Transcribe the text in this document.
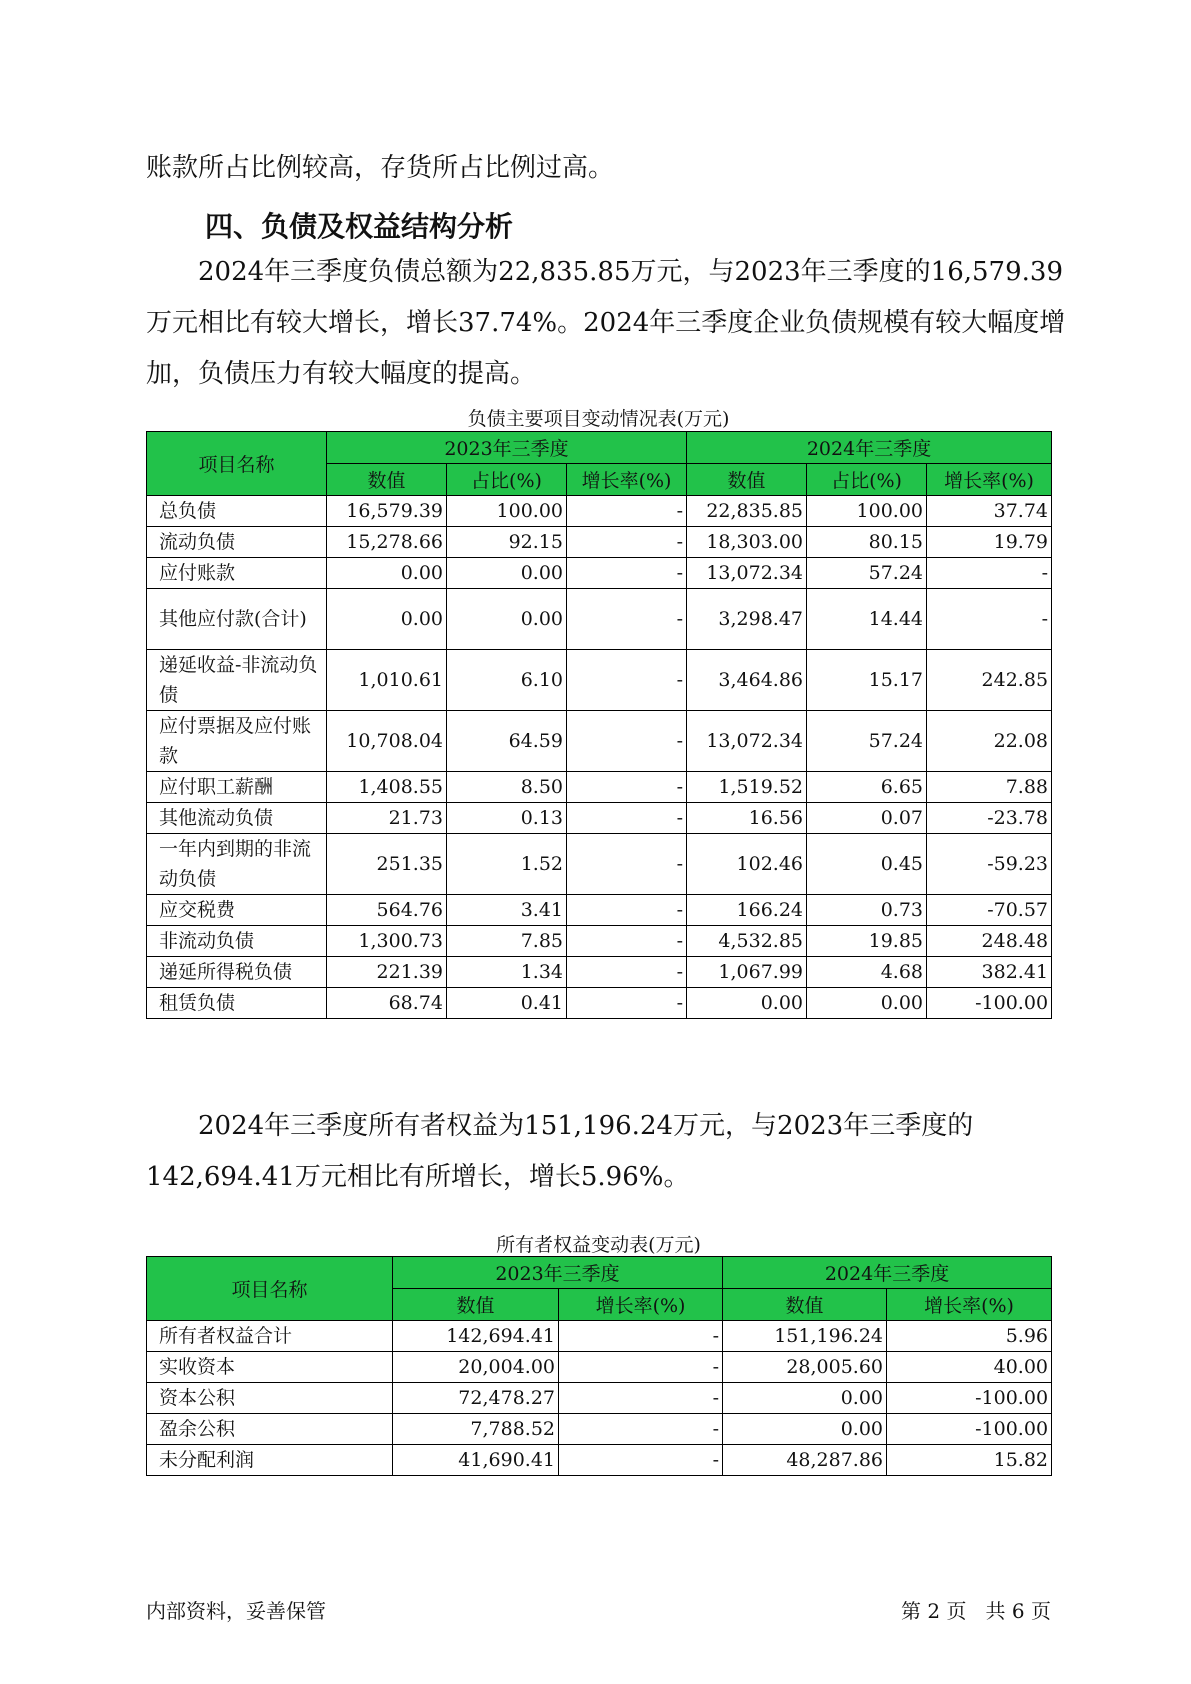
账款所占比例较高，存货所占比例过高。
四、负债及权益结构分析
2024年三季度负债总额为22,835.85万元，与2023年三季度的16,579.39万元相比有较大增长，增长37.74%。2024年三季度企业负债规模有较大幅度增加，负债压力有较大幅度的提高。
负债主要项目变动情况表(万元)
项目名称	2023年三季度			2024年三季度		
	数值	占比(%)	增长率(%)	数值	占比(%)	增长率(%)
总负债	16,579.39	100.00	-	22,835.85	100.00	37.74
流动负债	15,278.66	92.15	-	18,303.00	80.15	19.79
应付账款	0.00	0.00	-	13,072.34	57.24	-
其他应付款(合计)	0.00	0.00	-	3,298.47	14.44	-
递延收益-非流动负债	1,010.61	6.10	-	3,464.86	15.17	242.85
应付票据及应付账款	10,708.04	64.59	-	13,072.34	57.24	22.08
应付职工薪酬	1,408.55	8.50	-	1,519.52	6.65	7.88
其他流动负债	21.73	0.13	-	16.56	0.07	-23.78
一年内到期的非流动负债	251.35	1.52	-	102.46	0.45	-59.23
应交税费	564.76	3.41	-	166.24	0.73	-70.57
非流动负债	1,300.73	7.85	-	4,532.85	19.85	248.48
递延所得税负债	221.39	1.34	-	1,067.99	4.68	382.41
租赁负债	68.74	0.41	-	0.00	0.00	-100.00
2024年三季度所有者权益为151,196.24万元，与2023年三季度的142,694.41万元相比有所增长，增长5.96%。
所有者权益变动表(万元)
项目名称	2023年三季度		2024年三季度	
	数值	增长率(%)	数值	增长率(%)
所有者权益合计	142,694.41	-	151,196.24	5.96
实收资本	20,004.00	-	28,005.60	40.00
资本公积	72,478.27	-	0.00	-100.00
盈余公积	7,788.52	-	0.00	-100.00
未分配利润	41,690.41	-	48,287.86	15.82
内部资料，妥善保管	第 2 页   共 6 页
